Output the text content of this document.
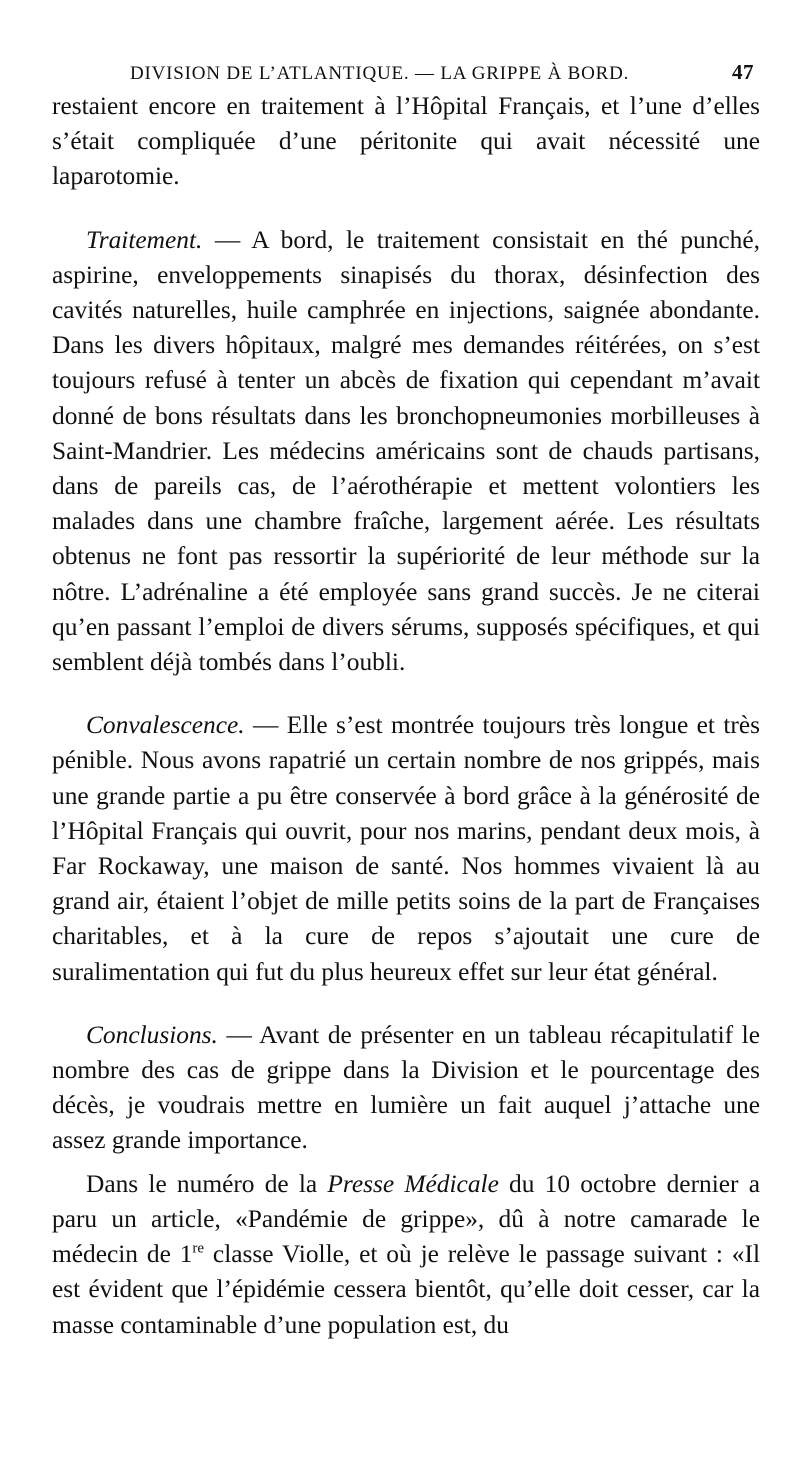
DIVISION DE L’ATLANTIQUE. — LA GRIPPE À BORD.	47

restaient encore en traitement à l’Hôpital Français, et l’une d’elles s’était compliquée d’une péritonite qui avait nécessité une laparotomie.

Traitement. — A bord, le traitement consistait en thé punché, aspirine, enveloppements sinapisés du thorax, désinfection des cavités naturelles, huile camphrée en injections, saignée abondante. Dans les divers hôpitaux, malgré mes demandes réitérées, on s’est toujours refusé à tenter un abcès de fixation qui cependant m’avait donné de bons résultats dans les bronchopneumonies morbilleuses à Saint-Mandrier. Les médecins américains sont de chauds partisans, dans de pareils cas, de l’aérothérapie et mettent volontiers les malades dans une chambre fraîche, largement aérée. Les résultats obtenus ne font pas ressortir la supériorité de leur méthode sur la nôtre. L’adrénaline a été employée sans grand succès. Je ne citerai qu’en passant l’emploi de divers sérums, supposés spécifiques, et qui semblent déjà tombés dans l’oubli.

Convalescence. — Elle s’est montrée toujours très longue et très pénible. Nous avons rapatrié un certain nombre de nos grippés, mais une grande partie a pu être conservée à bord grâce à la générosité de l’Hôpital Français qui ouvrit, pour nos marins, pendant deux mois, à Far Rockaway, une maison de santé. Nos hommes vivaient là au grand air, étaient l’objet de mille petits soins de la part de Françaises charitables, et à la cure de repos s’ajoutait une cure de suralimentation qui fut du plus heureux effet sur leur état général.

Conclusions. — Avant de présenter en un tableau récapitulatif le nombre des cas de grippe dans la Division et le pourcentage des décès, je voudrais mettre en lumière un fait auquel j’attache une assez grande importance.

Dans le numéro de la Presse Médicale du 10 octobre dernier a paru un article, «Pandémie de grippe», dû à notre camarade le médecin de 1re classe Violle, et où je relève le passage suivant : «Il est évident que l’épidémie cessera bientôt, qu’elle doit cesser, car la masse contaminable d’une population est, du
